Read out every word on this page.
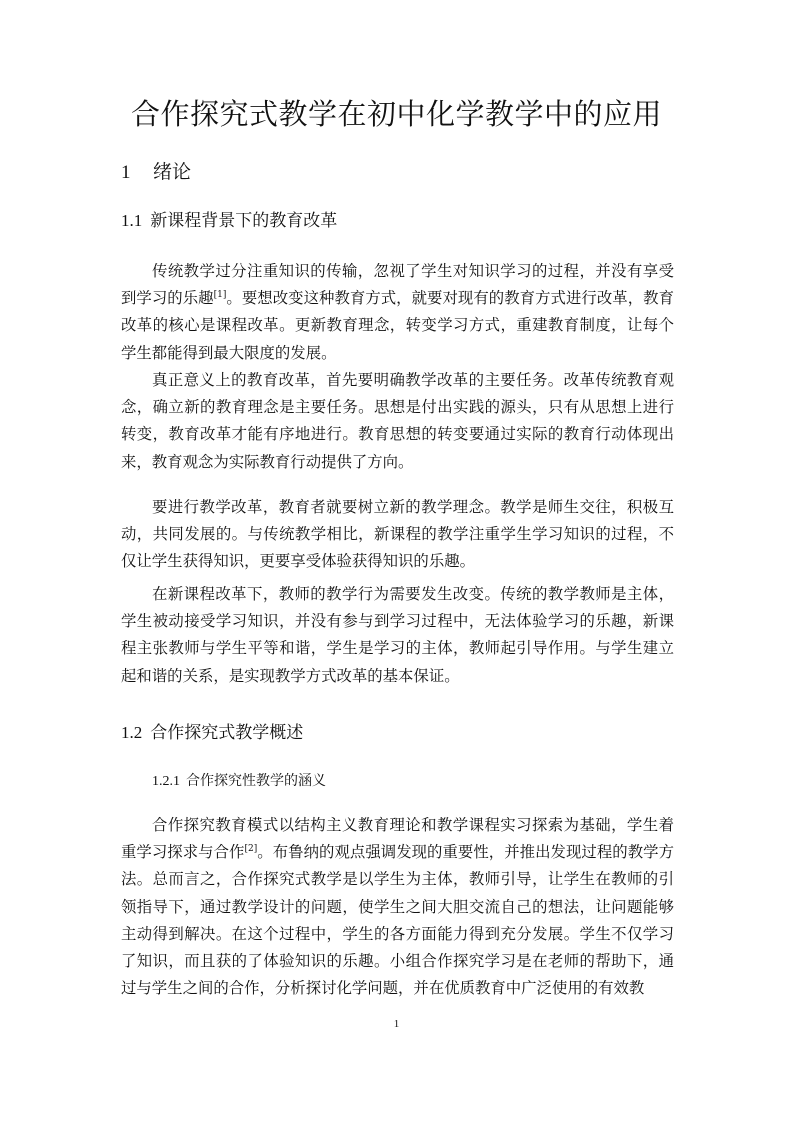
合作探究式教学在初中化学教学中的应用
1 绪论
1.1 新课程背景下的教育改革

传统教学过分注重知识的传输，忽视了学生对知识学习的过程，并没有享受到学习的乐趣[1]。要想改变这种教育方式，就要对现有的教育方式进行改革，教育改革的核心是课程改革。更新教育理念，转变学习方式，重建教育制度，让每个学生都能得到最大限度的发展。

真正意义上的教育改革，首先要明确教学改革的主要任务。改革传统教育观念，确立新的教育理念是主要任务。思想是付出实践的源头，只有从思想上进行转变，教育改革才能有序地进行。教育思想的转变要通过实际的教育行动体现出来，教育观念为实际教育行动提供了方向。

要进行教学改革，教育者就要树立新的教学理念。教学是师生交往，积极互动，共同发展的。与传统教学相比，新课程的教学注重学生学习知识的过程，不仅让学生获得知识，更要享受体验获得知识的乐趣。

在新课程改革下，教师的教学行为需要发生改变。传统的教学教师是主体，学生被动接受学习知识，并没有参与到学习过程中，无法体验学习的乐趣，新课程主张教师与学生平等和谐，学生是学习的主体，教师起引导作用。与学生建立起和谐的关系，是实现教学方式改革的基本保证。

1.2 合作探究式教学概述
1.2.1 合作探究性教学的涵义

合作探究教育模式以结构主义教育理论和教学课程实习探索为基础，学生着重学习探求与合作[2]。布鲁纳的观点强调发现的重要性，并推出发现过程的教学方法。总而言之，合作探究式教学是以学生为主体，教师引导，让学生在教师的引领指导下，通过教学设计的问题，使学生之间大胆交流自己的想法，让问题能够主动得到解决。在这个过程中，学生的各方面能力得到充分发展。学生不仅学习了知识，而且获的了体验知识的乐趣。小组合作探究学习是在老师的帮助下，通过与学生之间的合作，分析探讨化学问题，并在优质教育中广泛使用的有效教

1
